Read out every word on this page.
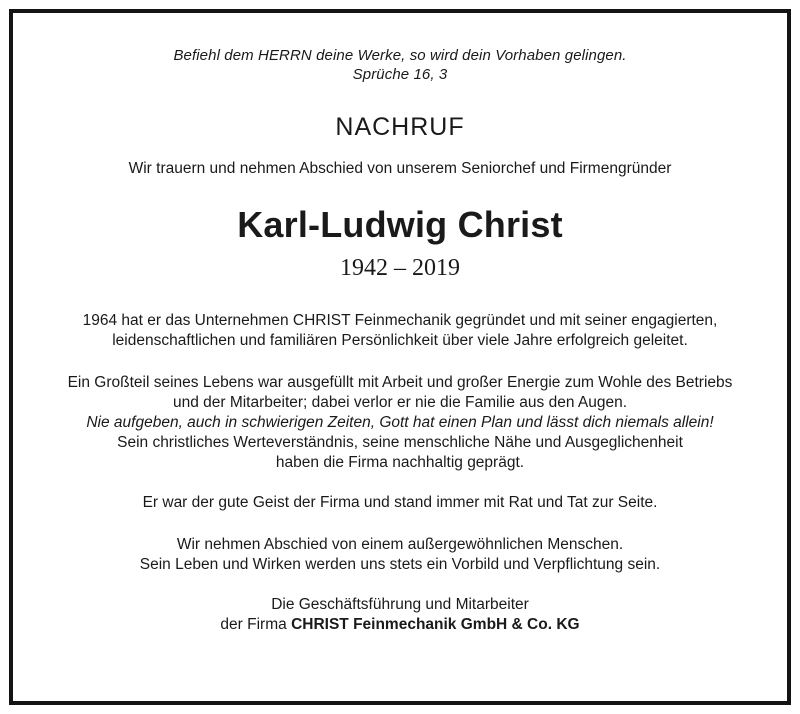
Befiehl dem HERRN deine Werke, so wird dein Vorhaben gelingen.
Sprüche 16, 3
NACHRUF
Wir trauern und nehmen Abschied von unserem Seniorchef und Firmengründer
Karl-Ludwig Christ
1942 – 2019
1964 hat er das Unternehmen CHRIST Feinmechanik gegründet und mit seiner engagierten,
leidenschaftlichen und familiären Persönlichkeit über viele Jahre erfolgreich geleitet.
Ein Großteil seines Lebens war ausgefüllt mit Arbeit und großer Energie zum Wohle des Betriebs
und der Mitarbeiter; dabei verlor er nie die Familie aus den Augen.
Nie aufgeben, auch in schwierigen Zeiten, Gott hat einen Plan und lässt dich niemals allein!
Sein christliches Werteverständnis, seine menschliche Nähe und Ausgeglichenheit
haben die Firma nachhaltig geprägt.
Er war der gute Geist der Firma und stand immer mit Rat und Tat zur Seite.
Wir nehmen Abschied von einem außergewöhnlichen Menschen.
Sein Leben und Wirken werden uns stets ein Vorbild und Verpflichtung sein.
Die Geschäftsführung und Mitarbeiter
der Firma CHRIST Feinmechanik GmbH & Co. KG
